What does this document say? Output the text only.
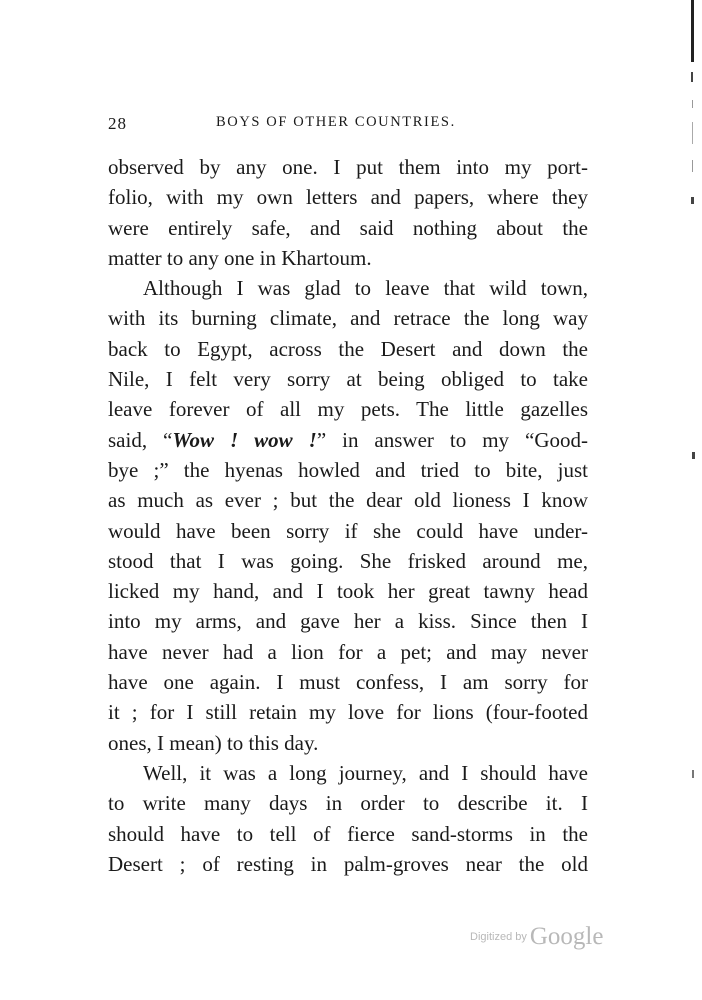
28	BOYS OF OTHER COUNTRIES.
observed by any one. I put them into my port-
folio, with my own letters and papers, where they
were entirely safe, and said nothing about the
matter to any one in Khartoum.
Although I was glad to leave that wild town,
with its burning climate, and retrace the long way
back to Egypt, across the Desert and down the
Nile, I felt very sorry at being obliged to take
leave forever of all my pets. The little gazelles
said, “Wow ! wow !” in answer to my “Good-
bye ;” the hyenas howled and tried to bite, just
as much as ever ; but the dear old lioness I know
would have been sorry if she could have under-
stood that I was going. She frisked around me,
licked my hand, and I took her great tawny head
into my arms, and gave her a kiss. Since then I
have never had a lion for a pet; and may never
have one again. I must confess, I am sorry for
it ; for I still retain my love for lions (four-footed
ones, I mean) to this day.
Well, it was a long journey, and I should have
to write many days in order to describe it. I
should have to tell of fierce sand-storms in the
Desert ; of resting in palm-groves near the old
Digitized by Google
